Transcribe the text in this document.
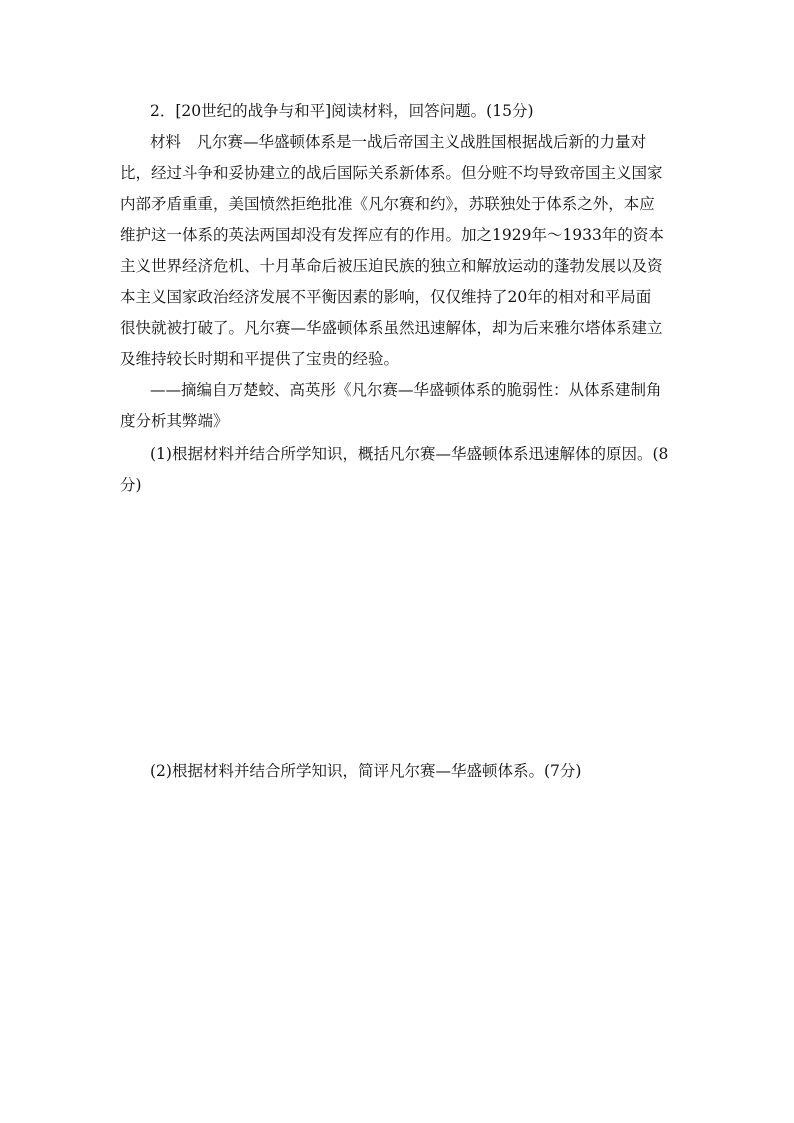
2．[20世纪的战争与和平]阅读材料，回答问题。(15分)
材料　凡尔赛—华盛顿体系是一战后帝国主义战胜国根据战后新的力量对
比，经过斗争和妥协建立的战后国际关系新体系。但分赃不均导致帝国主义国家
内部矛盾重重，美国愤然拒绝批准《凡尔赛和约》，苏联独处于体系之外，本应
维护这一体系的英法两国却没有发挥应有的作用。加之1929年～1933年的资本
主义世界经济危机、十月革命后被压迫民族的独立和解放运动的蓬勃发展以及资
本主义国家政治经济发展不平衡因素的影响，仅仅维持了20年的相对和平局面
很快就被打破了。凡尔赛—华盛顿体系虽然迅速解体，却为后来雅尔塔体系建立
及维持较长时期和平提供了宝贵的经验。
——摘编自万楚蛟、高英彤《凡尔赛—华盛顿体系的脆弱性：从体系建制角
度分析其弊端》
(1)根据材料并结合所学知识，概括凡尔赛—华盛顿体系迅速解体的原因。(8
分)
(2)根据材料并结合所学知识，简评凡尔赛—华盛顿体系。(7分)
